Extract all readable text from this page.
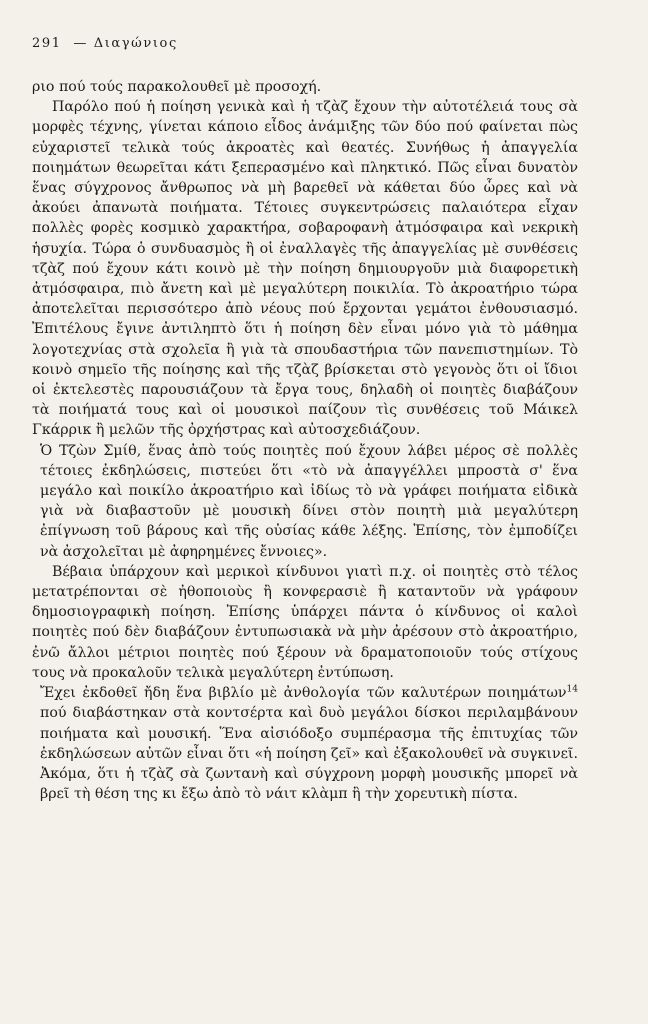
291 — Διαγώνιος

ριο πού τούς παρακολουθεῖ μὲ προσοχή.

Παρόλο πού ἡ ποίηση γενικὰ καὶ ἡ τζὰζ ἔχουν τὴν αὐτοτέλειά τους σὰ μορφὲς τέχνης, γίνεται κάποιο εἶδος ἀνάμιξης τῶν δύο πού φαίνεται πὼς εὐχαριστεῖ τελικὰ τούς ἀκροατὲς καὶ θεατές. Συνήθως ἡ ἀπαγγελία ποιημάτων θεωρεῖται κάτι ξεπερασμένο καὶ πληκτικό. Πῶς εἶναι δυνατὸν ἕνας σύγχρονος ἄνθρωπος νὰ μὴ βαρεθεῖ νὰ κάθεται δύο ὧρες καὶ νὰ ἀκούει ἀπανωτὰ ποιήματα. Τέτοιες συγκεντρώσεις παλαιότερα εἶχαν πολλὲς φορὲς κοσμικὸ χαρακτήρα, σοβαροφανὴ ἀτμόσφαιρα καὶ νεκρικὴ ἡσυχία. Τώρα ὁ συνδυασμὸς ἢ οἱ ἐναλλαγὲς τῆς ἀπαγγελίας μὲ συνθέσεις τζὰζ πού ἔχουν κάτι κοινὸ μὲ τὴν ποίηση δημιουργοῦν μιὰ διαφορετικὴ ἀτμόσφαιρα, πιὸ ἄνετη καὶ μὲ μεγαλύτερη ποικιλία. Τὸ ἀκροατήριο τώρα ἀποτελεῖται περισσότερο ἀπὸ νέους πού ἔρχονται γεμάτοι ἐνθουσιασμό. Ἐπιτέλους ἔγινε ἀντιληπτὸ ὅτι ἡ ποίηση δὲν εἶναι μόνο γιὰ τὸ μάθημα λογοτεχνίας στὰ σχολεῖα ἢ γιὰ τὰ σπουδαστήρια τῶν πανεπιστημίων. Τὸ κοινὸ σημεῖο τῆς ποίησης καὶ τῆς τζὰζ βρίσκεται στὸ γεγονὸς ὅτι οἱ ἴδιοι οἱ ἐκτελεστὲς παρουσιάζουν τὰ ἔργα τους, δηλαδὴ οἱ ποιητὲς διαβάζουν τὰ ποιήματά τους καὶ οἱ μουσικοὶ παίζουν τὶς συνθέσεις τοῦ Μάικελ Γκάρρικ ἢ μελῶν τῆς ὀρχήστρας καὶ αὐτοσχεδιάζουν.

Ὁ Τζὼν Σμίθ, ἕνας ἀπὸ τούς ποιητὲς πού ἔχουν λάβει μέρος σὲ πολλὲς τέτοιες ἐκδηλώσεις, πιστεύει ὅτι «τὸ νὰ ἀπαγγέλλει μπροστὰ σ' ἕνα μεγάλο καὶ ποικίλο ἀκροατήριο καὶ ἰδίως τὸ νὰ γράφει ποιήματα εἰδικὰ γιὰ νὰ διαβαστοῦν μὲ μουσικὴ δίνει στὸν ποιητὴ μιὰ μεγαλύτερη ἐπίγνωση τοῦ βάρους καὶ τῆς οὐσίας κάθε λέξης. Ἐπίσης, τὸν ἐμποδίζει νὰ ἀσχολεῖται μὲ ἀφηρημένες ἔννοιες».

Βέβαια ὑπάρχουν καὶ μερικοὶ κίνδυνοι γιατὶ π.χ. οἱ ποιητὲς στὸ τέλος μετατρέπονται σὲ ἠθοποιοὺς ἢ κονφερασιὲ ἢ καταντοῦν νὰ γράφουν δημοσιογραφικὴ ποίηση. Ἐπίσης ὑπάρχει πάντα ὁ κίνδυνος οἱ καλοὶ ποιητὲς πού δὲν διαβάζουν ἐντυπωσιακὰ νὰ μὴν ἀρέσουν στὸ ἀκροατήριο, ἐνῶ ἄλλοι μέτριοι ποιητὲς πού ξέρουν νὰ δραματοποιοῦν τούς στίχους τους νὰ προκαλοῦν τελικὰ μεγαλύτερη ἐντύπωση.

Ἔχει ἐκδοθεῖ ἤδη ἕνα βιβλίο μὲ ἀνθολογία τῶν καλυτέρων ποιημάτων$^{14}$ πού διαβάστηκαν στὰ κοντσέρτα καὶ δυὸ μεγάλοι δίσκοι περιλαμβάνουν ποιήματα καὶ μουσική. Ἕνα αἰσιόδοξο συμπέρασμα τῆς ἐπιτυχίας τῶν ἐκδηλώσεων αὐτῶν εἶναι ὅτι «ἡ ποίηση ζεῖ» καὶ ἐξακολουθεῖ νὰ συγκινεῖ. Ἀκόμα, ὅτι ἡ τζὰζ σὰ ζωντανὴ καὶ σύγχρονη μορφὴ μουσικῆς μπορεῖ νὰ βρεῖ τὴ θέση της κι ἔξω ἀπὸ τὸ νάιτ κλὰμπ ἢ τὴν χορευτικὴ πίστα.
